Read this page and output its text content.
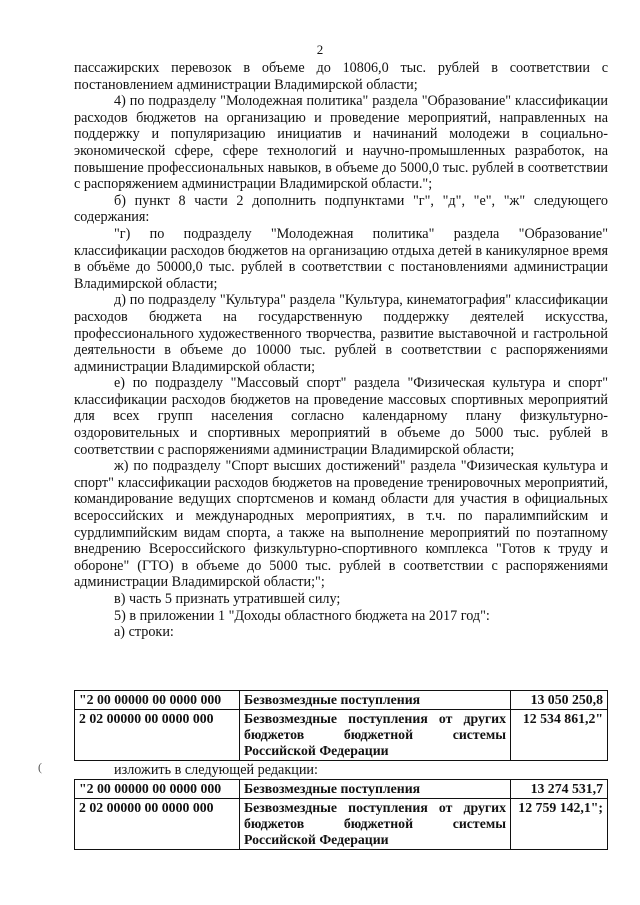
2

пассажирских перевозок в объеме до 10806,0 тыс. рублей в соответствии с постановлением администрации Владимирской области;

4) по подразделу "Молодежная политика" раздела "Образование" классификации расходов бюджетов на организацию и проведение мероприятий, направленных на поддержку и популяризацию инициатив и начинаний молодежи в социально-экономической сфере, сфере технологий и научно-промышленных разработок, на повышение профессиональных навыков, в объеме до 5000,0 тыс. рублей в соответствии с распоряжением администрации Владимирской области.";

б) пункт 8 части 2 дополнить подпунктами "г", "д", "е", "ж" следующего содержания:

"г) по подразделу "Молодежная политика" раздела "Образование" классификации расходов бюджетов на организацию отдыха детей в каникулярное время в объёме до 50000,0 тыс. рублей в соответствии с постановлениями администрации Владимирской области;

д) по подразделу "Культура" раздела "Культура, кинематография" классификации расходов бюджета на государственную поддержку деятелей искусства, профессионального художественного творчества, развитие выставочной и гастрольной деятельности в объеме до 10000 тыс. рублей в соответствии с распоряжениями администрации Владимирской области;

е) по подразделу "Массовый спорт" раздела "Физическая культура и спорт" классификации расходов бюджетов на проведение массовых спортивных мероприятий для всех групп населения согласно календарному плану физкультурно-оздоровительных и спортивных мероприятий в объеме до 5000 тыс. рублей в соответствии с распоряжениями администрации Владимирской области;

ж) по подразделу "Спорт высших достижений" раздела "Физическая культура и спорт" классификации расходов бюджетов на проведение тренировочных мероприятий, командирование ведущих спортсменов и команд области для участия в официальных всероссийских и международных мероприятиях, в т.ч. по паралимпийским и сурдлимпийским видам спорта, а также на выполнение мероприятий по поэтапному внедрению Всероссийского физкультурно-спортивного комплекса "Готов к труду и обороне" (ГТО) в объеме до 5000 тыс. рублей в соответствии с распоряжениями администрации Владимирской области;";

в) часть 5 признать утратившей силу;

5) в приложении 1 "Доходы областного бюджета на 2017 год":

а) строки:

"2 00 00000 00 0000 000	Безвозмездные поступления	13 050 250,8
2 02 00000 00 0000 000	Безвозмездные поступления от других бюджетов бюджетной системы Российской Федерации	12 534 861,2"
(	изложить в следующей редакции:
"2 00 00000 00 0000 000	Безвозмездные поступления	13 274 531,7
2 02 00000 00 0000 000	Безвозмездные поступления от других бюджетов бюджетной системы Российской Федерации	12 759 142,1";
